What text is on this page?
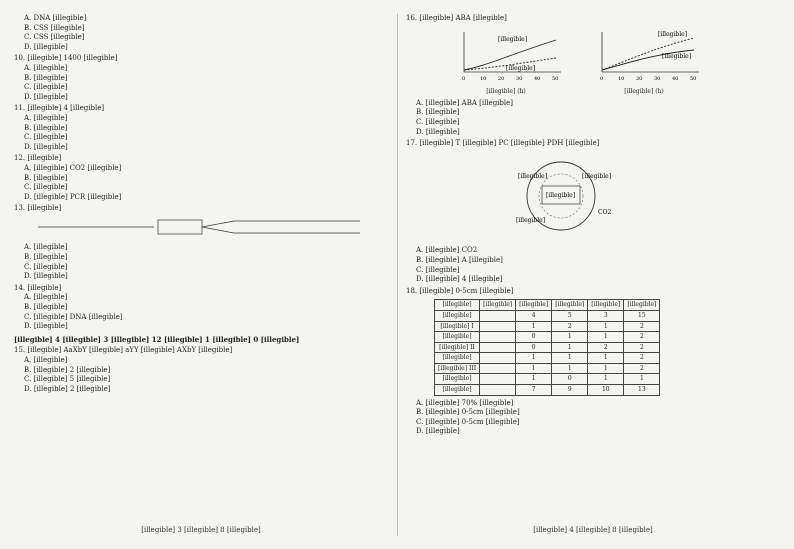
A. DNA [illegible]
B. CSS [illegible]
C. CSS [illegible]
D. [illegible]
10. [illegible] 1400 [illegible]
A. [illegible]
B. [illegible]
C. [illegible]
D. [illegible]
11. [illegible] 4 [illegible]
A. [illegible]
B. [illegible]
C. [illegible]
D. [illegible]
12. [illegible]
A. [illegible] CO2 [illegible]
B. [illegible]
C. [illegible]
D. [illegible] PCR [illegible]
13. [illegible]
A. [illegible]
B. [illegible]
C. [illegible]
D. [illegible]
14. [illegible]
A. [illegible]
B. [illegible]
C. [illegible] DNA [illegible]
D. [illegible]
[illegible] 4 [illegible] 3 [illegible] 12 [illegible] 1 [illegible] 0 [illegible]
15. [illegible] AaXbY [illegible] aYY [illegible] AXbY [illegible]
A. [illegible]
B. [illegible] 2 [illegible]
C. [illegible] 5 [illegible]
D. [illegible] 2 [illegible]
[illegible] 3 [illegible] 8 [illegible]
16. [illegible] ABA [illegible]
[illegible]
[illegible]
0	10 20 30 40 50
[illegible] (h)
[illegible]
[illegible]
0	10 20 30 40 50
[illegible] (h)
A. [illegible] ABA [illegible]
B. [illegible]
C. [illegible]
D. [illegible]
17. [illegible] T [illegible] PC [illegible] PDH [illegible]
[illegible]
[illegible]	[illegible]
CO2
[illegible]
A. [illegible] CO2
B. [illegible] A [illegible]
C. [illegible]
D. [illegible] 4 [illegible]
18. [illegible] 0-5cm [illegible]
[illegible]	[illegible]	[illegible]	[illegible]	[illegible]	[illegible]
[illegible]		4	5	3	15
[illegible] I		1	2	1	2
[illegible]		0	1	1	2
[illegible] II		0	1	2	2
[illegible]		1	1	1	2
[illegible] III		1	1	1	2
[illegible]		1	0	1	1
[illegible]		7	9	10	13
A. [illegible] 70% [illegible]
B. [illegible] 0-5cm [illegible]
C. [illegible] 0-5cm [illegible]
D. [illegible]
[illegible] 4 [illegible] 8 [illegible]
